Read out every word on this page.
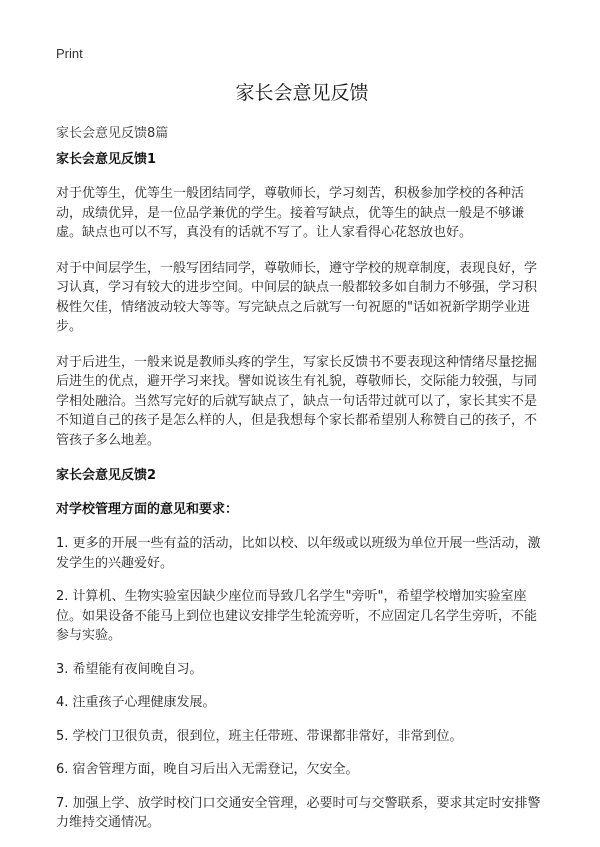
Print
家长会意见反馈
家长会意见反馈8篇
家长会意见反馈1

对于优等生，优等生一般团结同学，尊敬师长，学习刻苦，积极参加学校的各种活动，成绩优异，是一位品学兼优的学生。接着写缺点，优等生的缺点一般是不够谦虚。缺点也可以不写，真没有的话就不写了。让人家看得心花怒放也好。

对于中间层学生，一般写团结同学，尊敬师长，遵守学校的规章制度，表现良好，学习认真，学习有较大的进步空间。中间层的缺点一般都较多如自制力不够强，学习积极性欠佳，情绪波动较大等等。写完缺点之后就写一句祝愿的"话如祝新学期学业进步。

对于后进生，一般来说是教师头疼的学生，写家长反馈书不要表现这种情绪尽量挖掘后进生的优点，避开学习来找。譬如说该生有礼貌，尊敬师长，交际能力较强，与同学相处融洽。当然写完好的后就写缺点了，缺点一句话带过就可以了，家长其实不是不知道自己的孩子是怎么样的人，但是我想每个家长都希望别人称赞自己的孩子，不管孩子多么地差。

家长会意见反馈2
对学校管理方面的意见和要求：

1. 更多的开展一些有益的活动，比如以校、以年级或以班级为单位开展一些活动，激发学生的兴趣爱好。

2. 计算机、生物实验室因缺少座位而导致几名学生"旁听"，希望学校增加实验室座位。如果设备不能马上到位也建议安排学生轮流旁听，不应固定几名学生旁听，不能参与实验。

3. 希望能有夜间晚自习。

4. 注重孩子心理健康发展。

5. 学校门卫很负责，很到位，班主任带班、带课都非常好，非常到位。

6. 宿舍管理方面，晚自习后出入无需登记，欠安全。

7. 加强上学、放学时校门口交通安全管理，必要时可与交警联系，要求其定时安排警力维持交通情况。
